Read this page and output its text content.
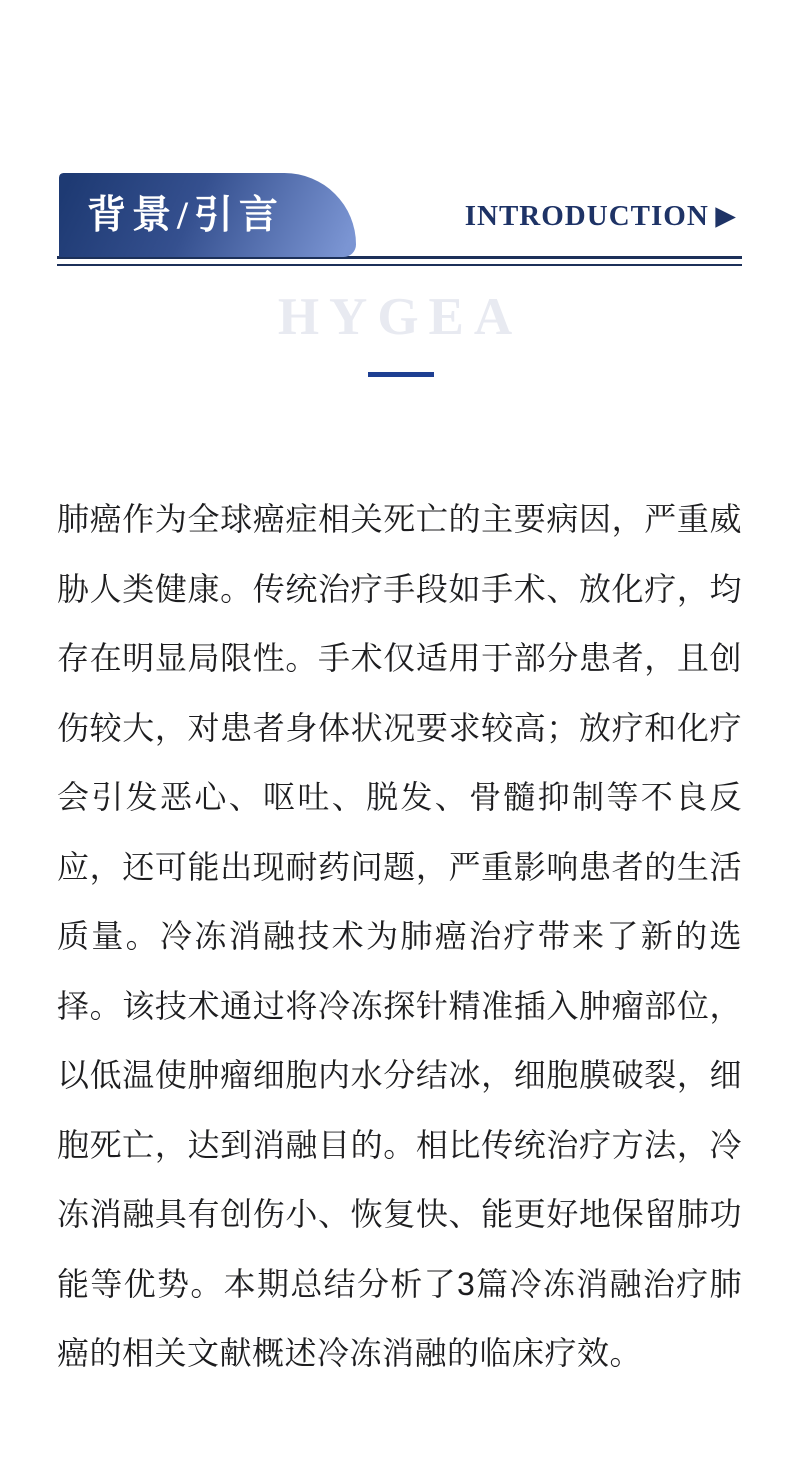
背景/引言	INTRODUCTION ▶
HYGEA
肺癌作为全球癌症相关死亡的主要病因，严重威胁人类健康。传统治疗手段如手术、放化疗，均存在明显局限性。手术仅适用于部分患者，且创伤较大，对患者身体状况要求较高；放疗和化疗会引发恶心、呕吐、脱发、骨髓抑制等不良反应，还可能出现耐药问题，严重影响患者的生活质量。冷冻消融技术为肺癌治疗带来了新的选择。该技术通过将冷冻探针精准插入肿瘤部位，以低温使肿瘤细胞内水分结冰，细胞膜破裂，细胞死亡，达到消融目的。相比传统治疗方法，冷冻消融具有创伤小、恢复快、能更好地保留肺功能等优势。本期总结分析了3篇冷冻消融治疗肺癌的相关文献概述冷冻消融的临床疗效。
